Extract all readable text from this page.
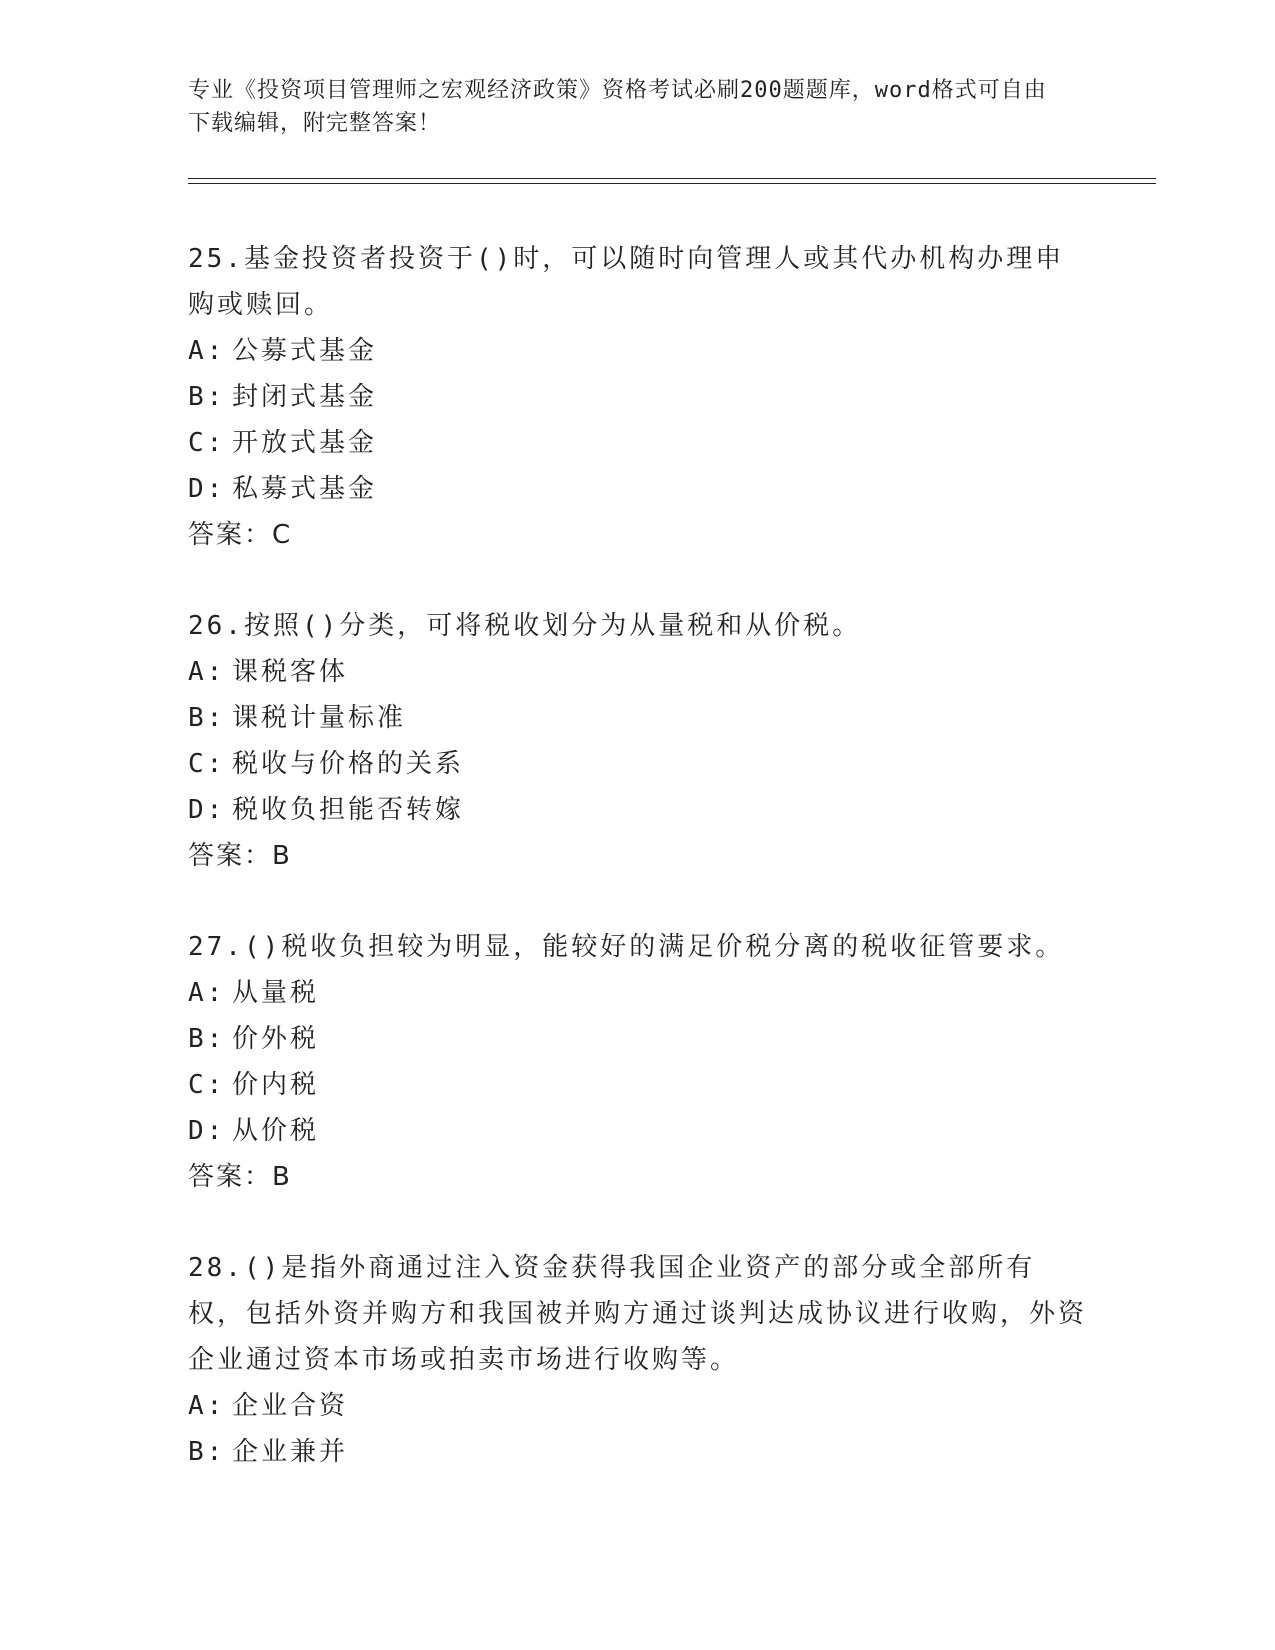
专业《投资项目管理师之宏观经济政策》资格考试必刷200题题库，word格式可自由下载编辑，附完整答案！

25.基金投资者投资于()时，可以随时向管理人或其代办机构办理申购或赎回。

A: 公募式基金

B: 封闭式基金

C: 开放式基金

D: 私募式基金

答案：C

26.按照()分类，可将税收划分为从量税和从价税。

A: 课税客体

B: 课税计量标准

C: 税收与价格的关系

D: 税收负担能否转嫁

答案：B

27.()税收负担较为明显，能较好的满足价税分离的税收征管要求。

A: 从量税

B: 价外税

C: 价内税

D: 从价税

答案：B

28.()是指外商通过注入资金获得我国企业资产的部分或全部所有权，包括外资并购方和我国被并购方通过谈判达成协议进行收购，外资企业通过资本市场或拍卖市场进行收购等。

A: 企业合资

B: 企业兼并
